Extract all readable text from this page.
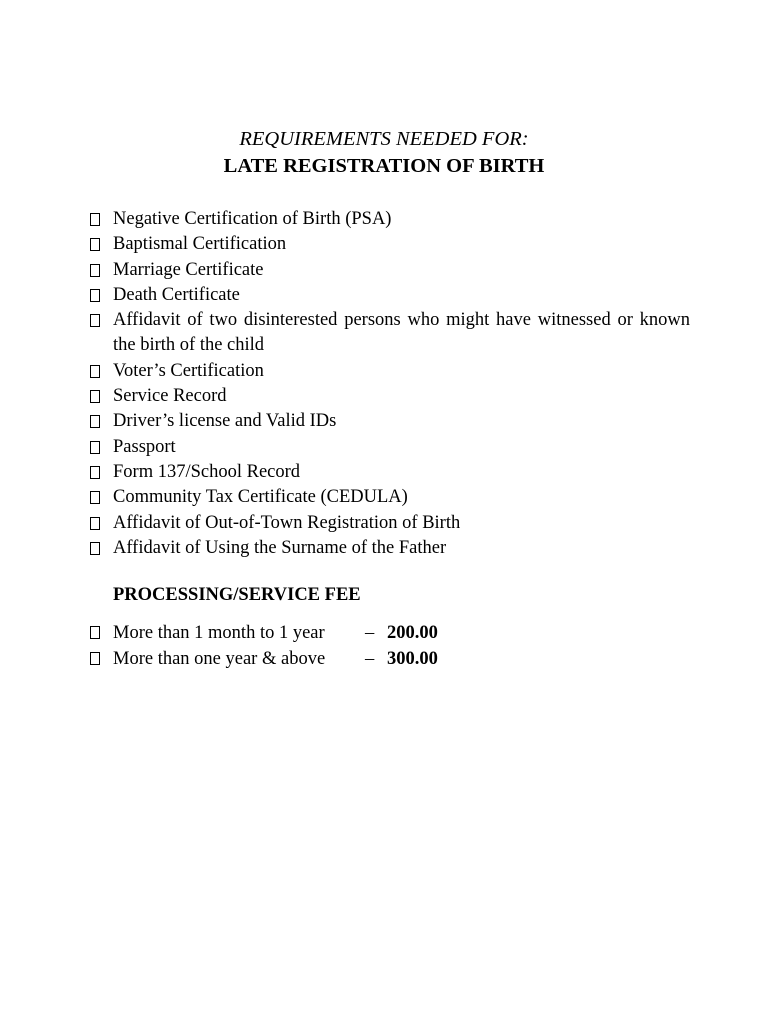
REQUIREMENTS NEEDED FOR:
LATE REGISTRATION OF BIRTH
Negative Certification of Birth (PSA)
Baptismal Certification
Marriage Certificate
Death Certificate
Affidavit of two disinterested persons who might have witnessed or known the birth of the child
Voter’s Certification
Service Record
Driver’s license and Valid IDs
Passport
Form 137/School Record
Community Tax Certificate (CEDULA)
Affidavit of Out-of-Town Registration of Birth
Affidavit of Using the Surname of the Father
PROCESSING/SERVICE FEE
More than 1 month to 1 year – 200.00
More than one year & above – 300.00
